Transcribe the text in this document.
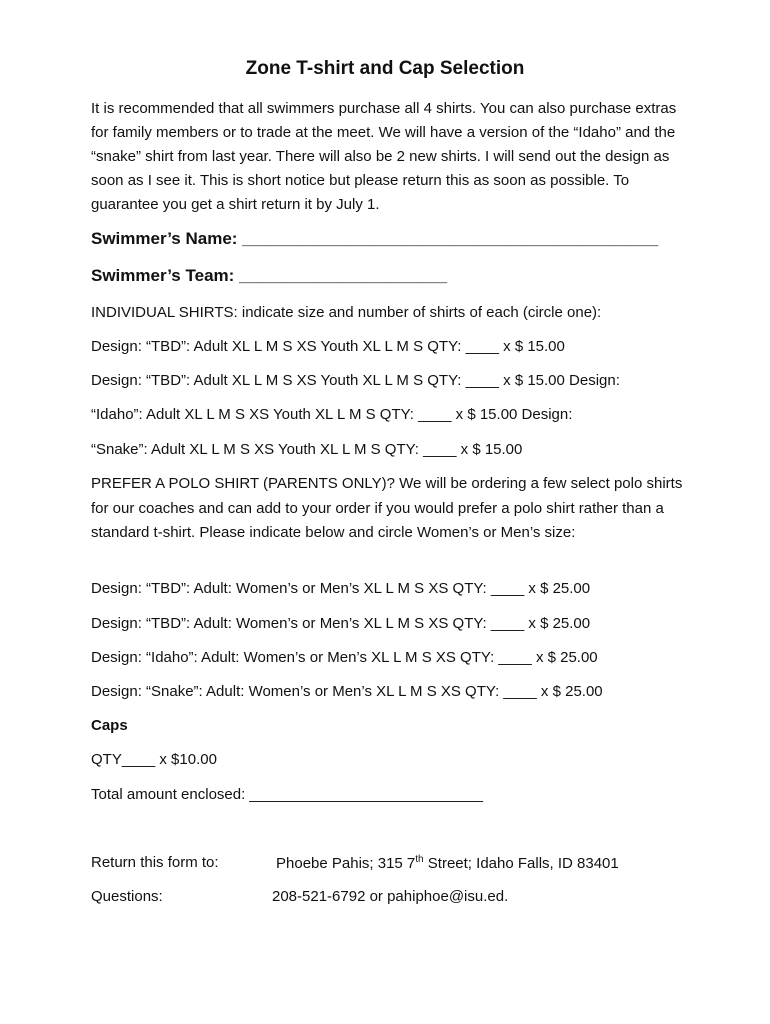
Zone T-shirt and Cap Selection
It is recommended that all swimmers purchase all 4 shirts. You can also purchase extras for family members or to trade at the meet. We will have a version of the “Idaho” and the “snake” shirt from last year. There will also be 2 new shirts. I will send out the design as soon as I see it. This is short notice but please return this as soon as possible. To guarantee you get a shirt return it by July 1.
Swimmer’s Name: ____________________________________________
Swimmer’s Team: ______________________
INDIVIDUAL SHIRTS: indicate size and number of shirts of each (circle one):
Design: “TBD”: Adult XL L M S XS Youth XL L M S QTY: ____ x $ 15.00
Design: “TBD”: Adult XL L M S XS Youth XL L M S QTY: ____ x $ 15.00 Design:
“Idaho”: Adult XL L M S XS Youth XL L M S QTY: ____ x $ 15.00 Design:
“Snake”: Adult XL L M S XS Youth XL L M S QTY: ____ x $ 15.00
PREFER A POLO SHIRT (PARENTS ONLY)? We will be ordering a few select polo shirts for our coaches and can add to your order if you would prefer a polo shirt rather than a standard t-shirt. Please indicate below and circle Women’s or Men’s size:
Design: “TBD”: Adult: Women’s or Men’s XL L M S XS QTY: ____ x $ 25.00
Design: “TBD”: Adult: Women’s or Men’s XL L M S XS QTY: ____ x $ 25.00
Design: “Idaho”: Adult: Women’s or Men’s XL L M S XS QTY: ____ x $ 25.00
Design: “Snake”: Adult: Women’s or Men’s XL L M S XS QTY: ____ x $ 25.00
Caps
QTY____ x $10.00
Total amount enclosed: ____________________________
Return this form to:	Phoebe Pahis; 315 7th Street; Idaho Falls, ID 83401
Questions:	208-521-6792 or pahiphoe@isu.ed.
